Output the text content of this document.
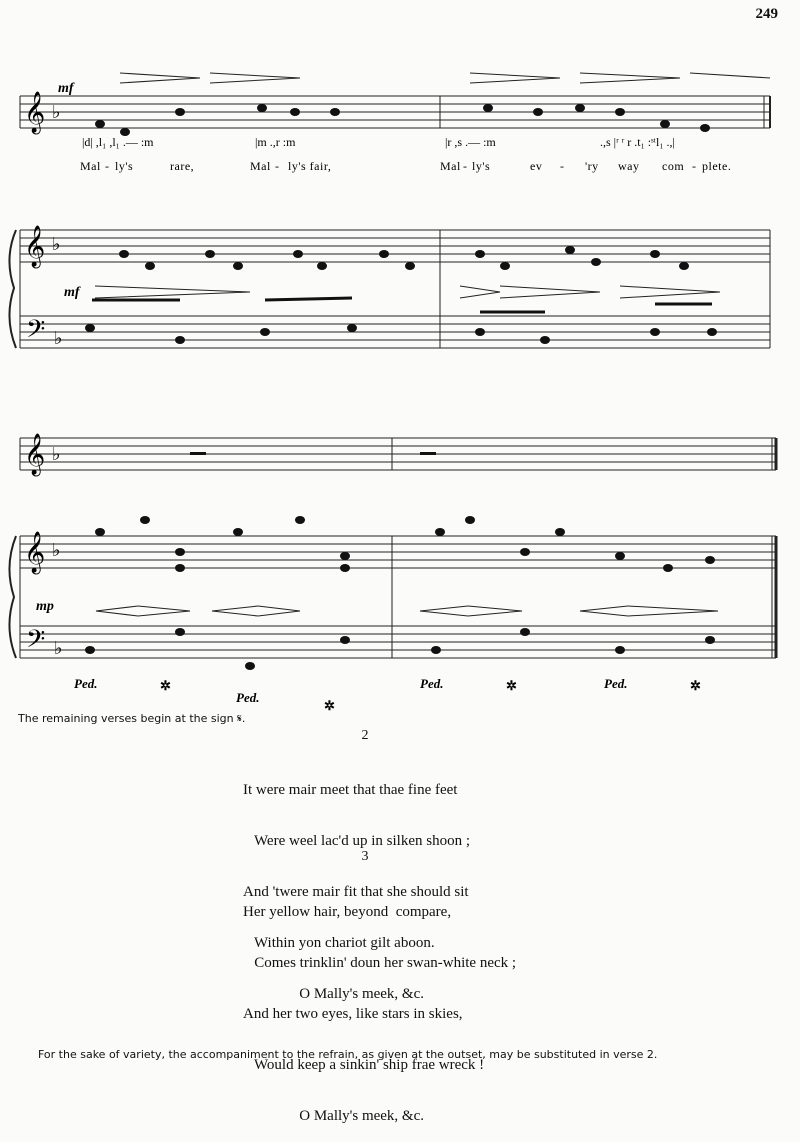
249
𝄞 ♭
mf
|d| ,l₁ ,l₁ .— :m	|m .,r :m	|r ,s .— :m	.,s |ʳ ʳ r .t₁ :ˢᵗl₁ .,|
Mal - ly's	rare,	Mal - ly's fair,	Mal - ly's	ev - 'ry way com - plete.
𝄞 ♭
𝄢 ♭
mf
𝄞 ♭
𝄞 ♭
𝄢 ♭
mp
Ped.	✲
Ped.
✲
Ped.	✲	Ped.	✲
The remaining verses begin at the sign 𝄋.
2

It were mair meet that thae fine feet

Were weel lac'd up in silken shoon ;

And 'twere mair fit that she should sit

Within yon chariot gilt aboon.

O Mally's meek, &c.

3

Her yellow hair, beyond  compare,

Comes trinklin' doun her swan-white neck ;

And her two eyes, like stars in skies,

Would keep a sinkin' ship frae wreck !

O Mally's meek, &c.

For the sake of variety, the accompaniment to the refrain, as given at the outset, may be substituted in verse 2.
